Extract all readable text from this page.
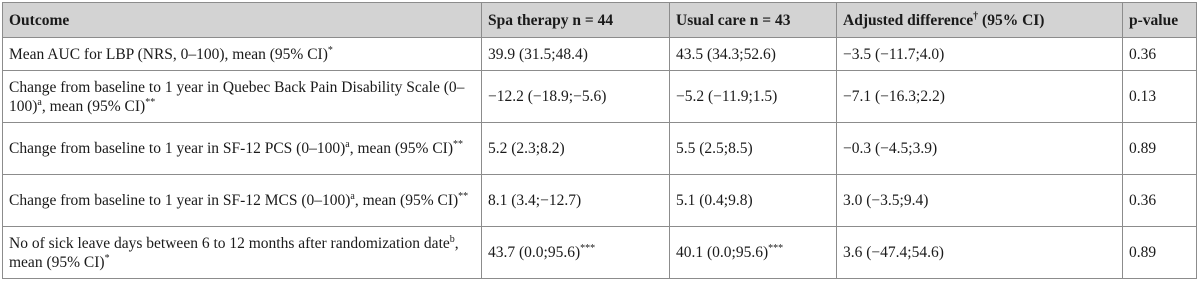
Outcome	Spa therapy n = 44	Usual care n = 43	Adjusted difference† (95% CI)	p-value
Mean AUC for LBP (NRS, 0–100), mean (95% CI)*	39.9 (31.5;48.4)	43.5 (34.3;52.6)	−3.5 (−11.7;4.0)	0.36
Change from baseline to 1 year in Quebec Back Pain Disability Scale $(0-100)^a$, mean (95% CI)**	−12.2 (−18.9;−5.6)	−5.2 (−11.9;1.5)	−7.1 (−16.3;2.2)	0.13
Change from baseline to 1 year in SF-12 PCS $(0-100)^a$, mean (95% CI)**	5.2 (2.3;8.2)	5.5 (2.5;8.5)	−0.3 (−4.5;3.9)	0.89
Change from baseline to 1 year in SF-12 MCS $(0-100)^a$, mean (95% CI)**	8.1 (3.4;−12.7)	5.1 (0.4;9.8)	3.0 (−3.5;9.4)	0.36
No of sick leave days between 6 to 12 months after randomization date$^b$, mean (95% CI)*	43.7 (0.0;95.6)***	40.1 (0.0;95.6)***	3.6 (−47.4;54.6)	0.89
